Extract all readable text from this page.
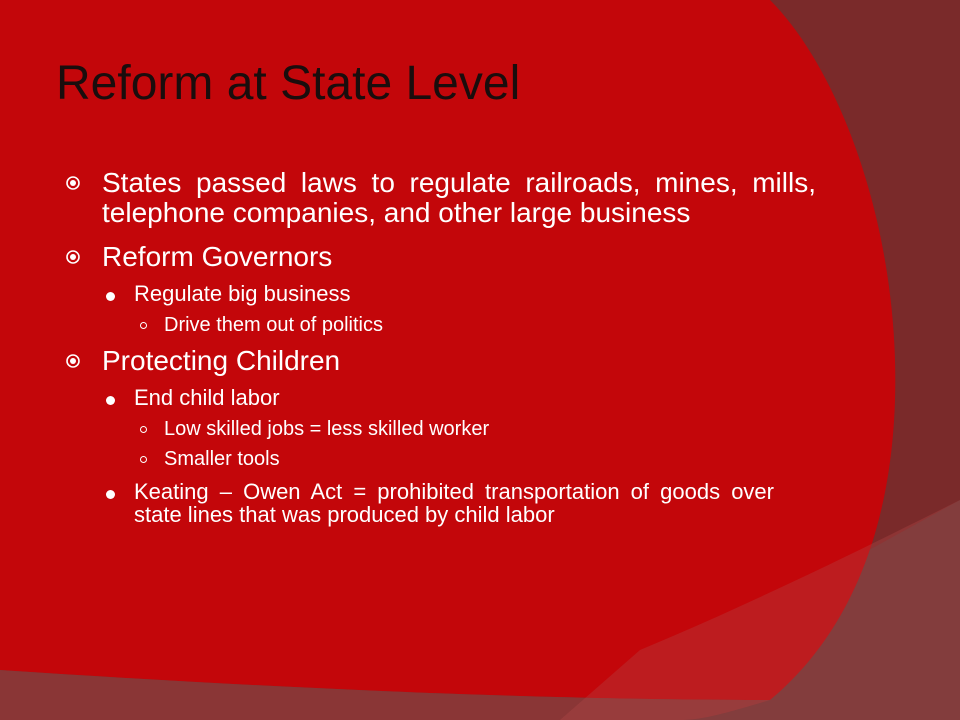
Reform at State Level
States passed laws to regulate railroads, mines, mills, telephone companies, and other large business
Reform Governors
Regulate big business
Drive them out of politics
Protecting Children
End child labor
Low skilled jobs = less skilled worker
Smaller tools
Keating – Owen Act = prohibited transportation of goods over state lines that was produced by child labor
